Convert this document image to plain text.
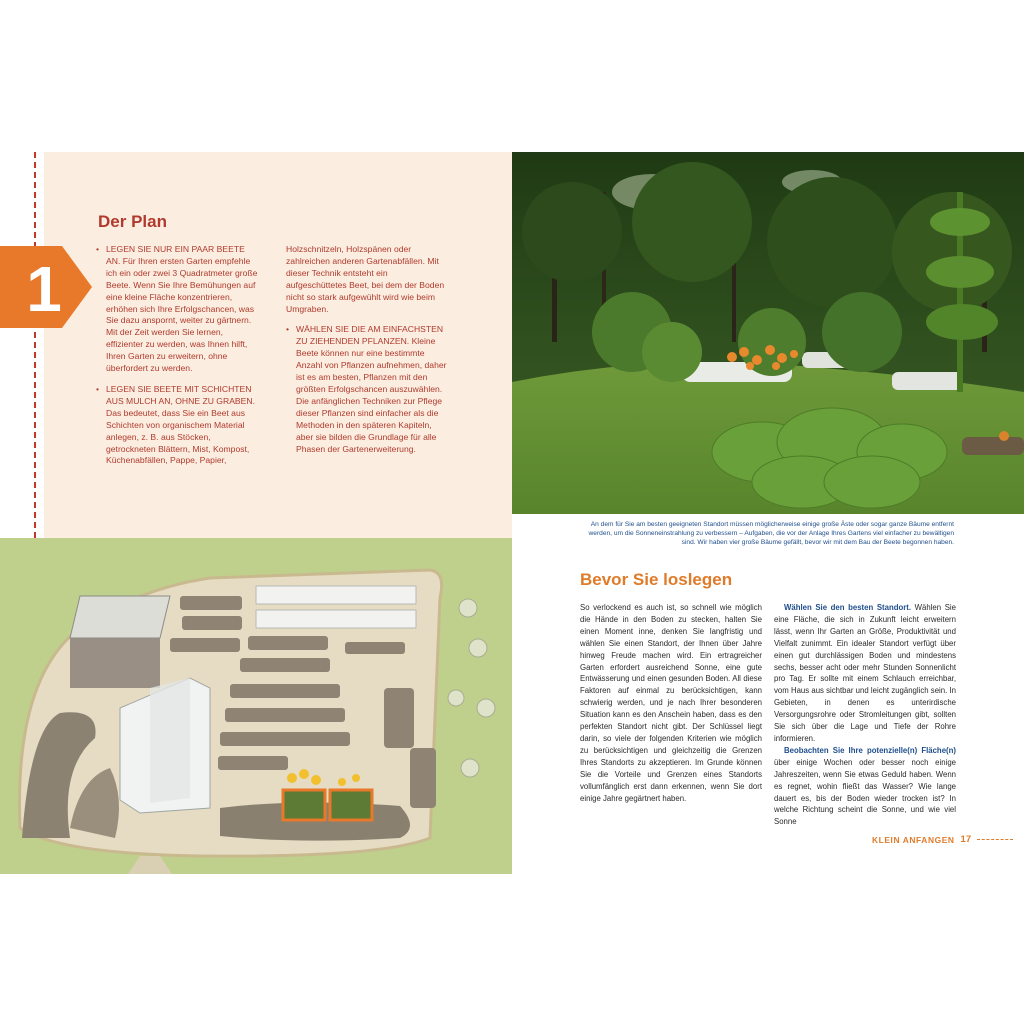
1
Der Plan

• LEGEN SIE NUR EIN PAAR BEETE AN. Für Ihren ersten Garten empfehle ich ein oder zwei 3 Quadratmeter große Beete. Wenn Sie Ihre Bemühungen auf eine kleine Fläche konzentrieren, erhöhen sich Ihre Erfolgschancen, was Sie dazu anspornt, weiter zu gärtnern. Mit der Zeit werden Sie lernen, effizienter zu werden, was Ihnen hilft, Ihren Garten zu erweitern, ohne überfordert zu werden.

• LEGEN SIE BEETE MIT SCHICHTEN AUS MULCH AN, OHNE ZU GRABEN. Das bedeutet, dass Sie ein Beet aus Schichten von organischem Material anlegen, z. B. aus Stöcken, getrockneten Blättern, Mist, Kompost, Küchenabfällen, Pappe, Papier,

Holzschnitzeln, Holzspänen oder zahlreichen anderen Gartenabfällen. Mit dieser Technik entsteht ein aufgeschüttetes Beet, bei dem der Boden nicht so stark aufgewühlt wird wie beim Umgraben.

• WÄHLEN SIE DIE AM EINFACHSTEN ZU ZIEHENDEN PFLANZEN. Kleine Beete können nur eine bestimmte Anzahl von Pflanzen aufnehmen, daher ist es am besten, Pflanzen mit den größten Erfolgschancen auszuwählen. Die anfänglichen Techniken zur Pflege dieser Pflanzen sind einfacher als die Methoden in den späteren Kapiteln, aber sie bilden die Grundlage für alle Phasen der Gartenerweiterung.

An dem für Sie am besten geeigneten Standort müssen möglicherweise einige große Äste oder sogar ganze Bäume entfernt werden, um die Sonneneinstrahlung zu verbessern – Aufgaben, die vor der Anlage Ihres Gartens viel einfacher zu bewältigen sind. Wir haben vier große Bäume gefällt, bevor wir mit dem Bau der Beete begonnen haben.
Bevor Sie loslegen
So verlockend es auch ist, so schnell wie möglich die Hände in den Boden zu stecken, halten Sie einen Moment inne, denken Sie langfristig und wählen Sie einen Standort, der Ihnen über Jahre hinweg Freude machen wird. Ein ertragreicher Garten erfordert ausreichend Sonne, eine gute Entwässerung und einen gesunden Boden. All diese Faktoren auf einmal zu berücksichtigen, kann schwierig werden, und je nach Ihrer besonderen Situation kann es den Anschein haben, dass es den perfekten Standort nicht gibt. Der Schlüssel liegt darin, so viele der folgenden Kriterien wie möglich zu berücksichtigen und gleichzeitig die Grenzen Ihres Standorts zu akzeptieren. Im Grunde können Sie die Vorteile und Grenzen eines Standorts vollumfänglich erst dann erkennen, wenn Sie dort einige Jahre gegärtnert haben.

Wählen Sie den besten Standort. Wählen Sie eine Fläche, die sich in Zukunft leicht erweitern lässt, wenn Ihr Garten an Größe, Produktivität und Vielfalt zunimmt. Ein idealer Standort verfügt über einen gut durchlässigen Boden und mindestens sechs, besser acht oder mehr Stunden Sonnenlicht pro Tag. Er sollte mit einem Schlauch erreichbar, vom Haus aus sichtbar und leicht zugänglich sein. In Gebieten, in denen es unterirdische Versorgungsrohre oder Stromleitungen gibt, sollten Sie sich über die Lage und Tiefe der Rohre informieren.

Beobachten Sie Ihre potenzielle(n) Fläche(n) über einige Wochen oder besser noch einige Jahreszeiten, wenn Sie etwas Geduld haben. Wenn es regnet, wohin fließt das Wasser? Wie lange dauert es, bis der Boden wieder trocken ist? In welche Richtung scheint die Sonne, und wie viel Sonne

KLEIN ANFANGEN 17
